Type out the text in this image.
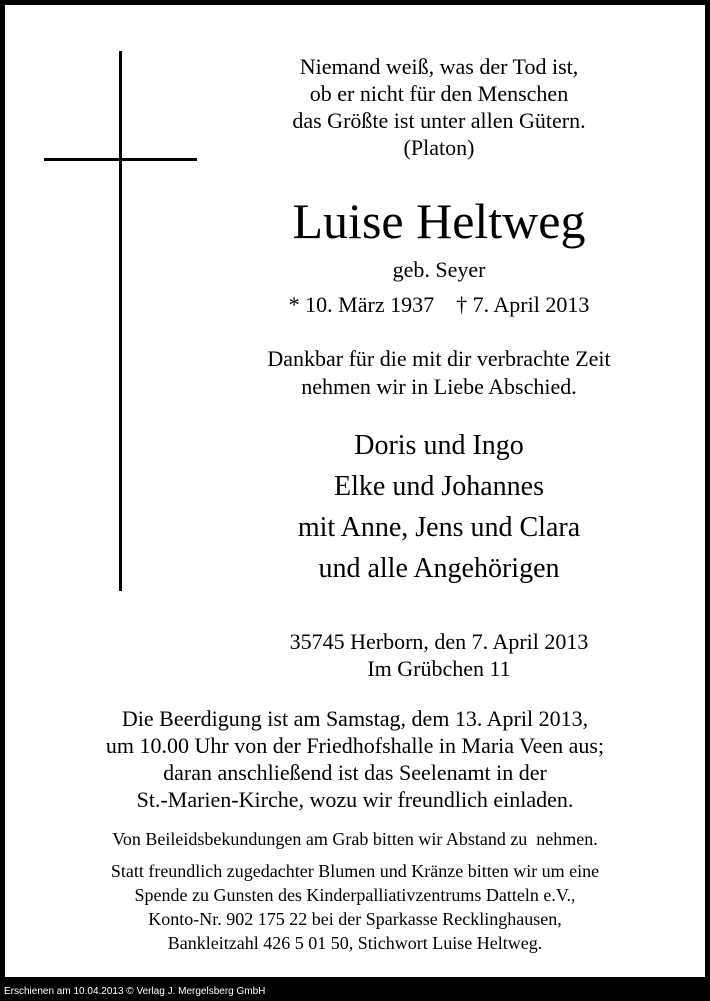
Niemand weiß, was der Tod ist,
ob er nicht für den Menschen
das Größte ist unter allen Gütern.
(Platon)
Luise Heltweg
geb. Seyer
* 10. März 1937 † 7. April 2013
Dankbar für die mit dir verbrachte Zeit
nehmen wir in Liebe Abschied.
Doris und Ingo
Elke und Johannes
mit Anne, Jens und Clara
und alle Angehörigen
35745 Herborn, den 7. April 2013
Im Grübchen 11
Die Beerdigung ist am Samstag, dem 13. April 2013,
um 10.00 Uhr von der Friedhofshalle in Maria Veen aus;
daran anschließend ist das Seelenamt in der
St.-Marien-Kirche, wozu wir freundlich einladen.
Von Beileidsbekundungen am Grab bitten wir Abstand zu  nehmen.
Statt freundlich zugedachter Blumen und Kränze bitten wir um eine
Spende zu Gunsten des Kinderpalliativzentrums Datteln e.V.,
Konto-Nr. 902 175 22 bei der Sparkasse Recklinghausen,
Bankleitzahl 426 5 01 50, Stichwort Luise Heltweg.
Erschienen am 10.04.2013 © Verlag J. Mergelsberg GmbH
